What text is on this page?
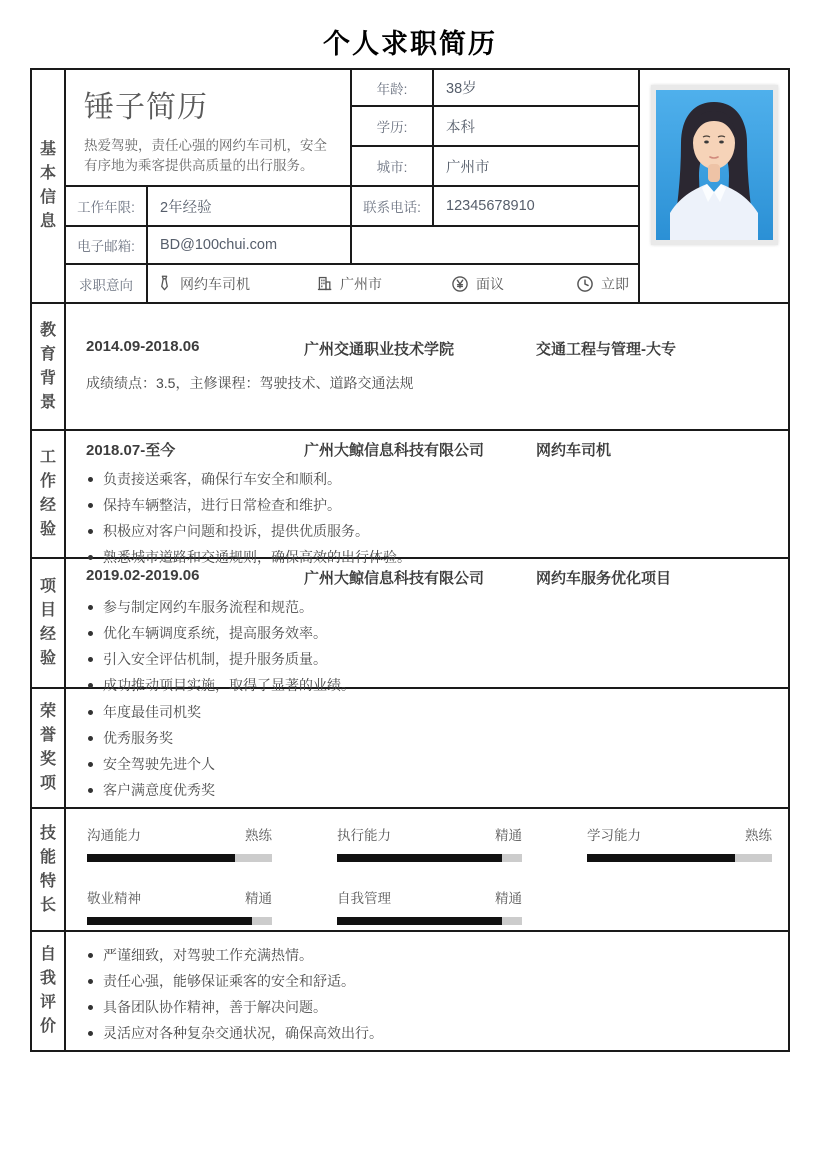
个人求职简历
基
本
信
息
锤子简历

热爱驾驶，责任心强的网约车司机，安全有序地为乘客提供高质量的出行服务。

年龄:	38岁
学历:	本科
城市:	广州市
工作年限:	2年经验	联系电话:	12345678910
电子邮箱:	BD@100chui.com
求职意向	网约车司机	广州市	面议	立即
教
育
背
景
2014.09-2018.06	广州交通职业技术学院	交通工程与管理-大专
成绩绩点：3.5，主修课程：驾驶技术、道路交通法规
工
作
经
验
2018.07-至今	广州大鲸信息科技有限公司	网约车司机
负责接送乘客，确保行车安全和顺利。
保持车辆整洁，进行日常检查和维护。
积极应对客户问题和投诉，提供优质服务。
熟悉城市道路和交通规则，确保高效的出行体验。
项
目
经
验
2019.02-2019.06	广州大鲸信息科技有限公司	网约车服务优化项目
参与制定网约车服务流程和规范。
优化车辆调度系统，提高服务效率。
引入安全评估机制，提升服务质量。
成功推动项目实施，取得了显著的业绩。
荣
誉
奖
项
年度最佳司机奖
优秀服务奖
安全驾驶先进个人
客户满意度优秀奖
技
能
特
长
沟通能力	熟练	执行能力	精通	学习能力	熟练
敬业精神	精通	自我管理	精通
自
我
评
价
严谨细致，对驾驶工作充满热情。
责任心强，能够保证乘客的安全和舒适。
具备团队协作精神，善于解决问题。
灵活应对各种复杂交通状况，确保高效出行。
